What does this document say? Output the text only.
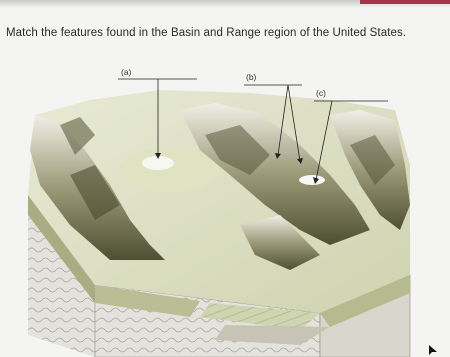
Match the features found in the Basin and Range region of the United States.
(a)	(b)
(c)
